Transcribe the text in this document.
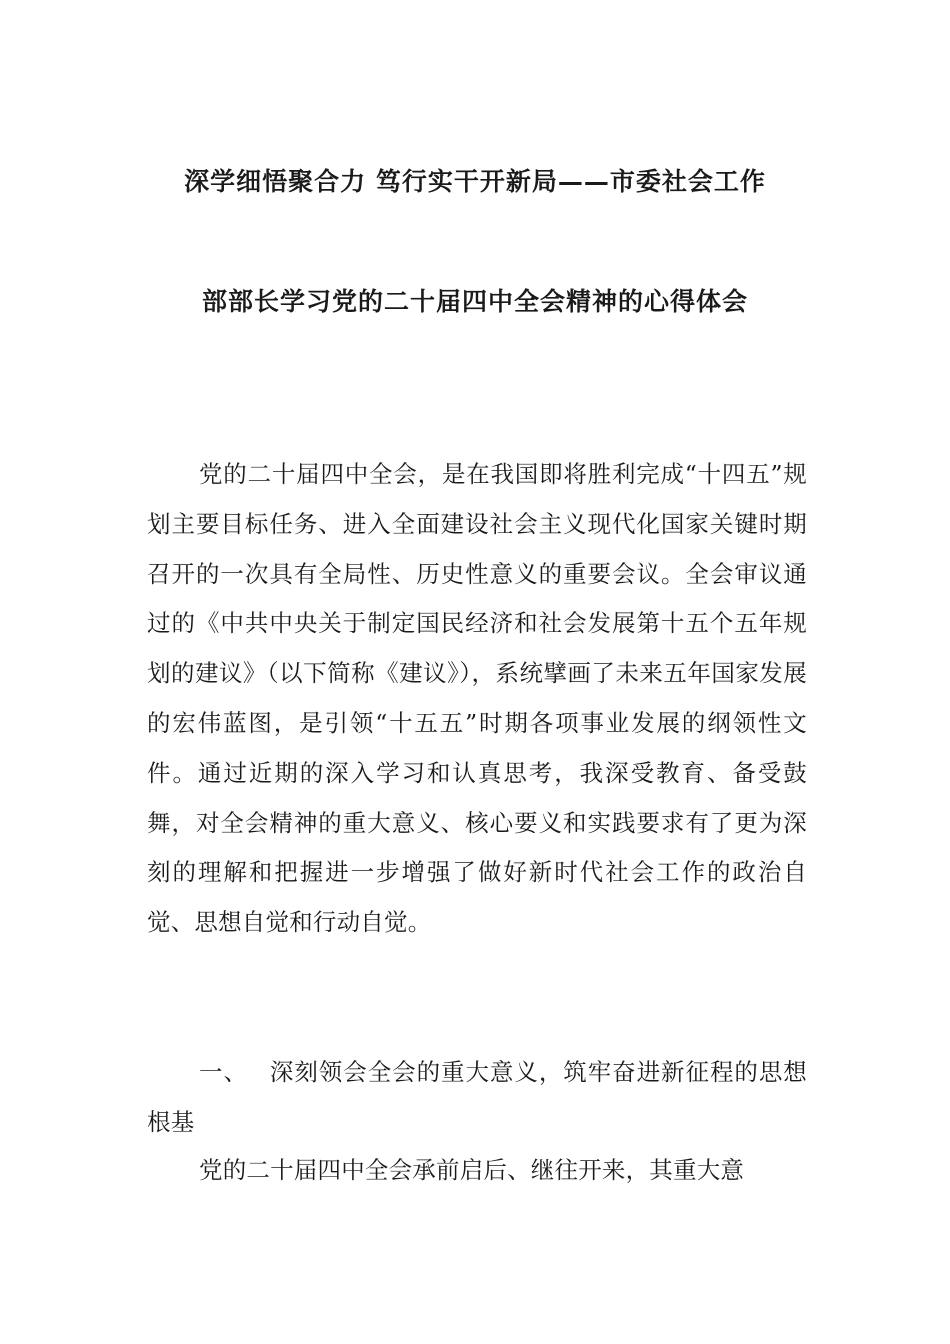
深学细悟聚合力 笃行实干开新局——市委社会工作
部部长学习党的二十届四中全会精神的心得体会
党的二十届四中全会，是在我国即将胜利完成“十四五”规划主要目标任务、进入全面建设社会主义现代化国家关键时期召开的一次具有全局性、历史性意义的重要会议。全会审议通过的《中共中央关于制定国民经济和社会发展第十五个五年规划的建议》（以下简称《建议》），系统擘画了未来五年国家发展的宏伟蓝图，是引领“十五五”时期各项事业发展的纲领性文件。通过近期的深入学习和认真思考，我深受教育、备受鼓舞，对全会精神的重大意义、核心要义和实践要求有了更为深刻的理解和把握进一步增强了做好新时代社会工作的政治自觉、思想自觉和行动自觉。
一、 深刻领会全会的重大意义，筑牢奋进新征程的思想根基
党的二十届四中全会承前启后、继往开来，其重大意
